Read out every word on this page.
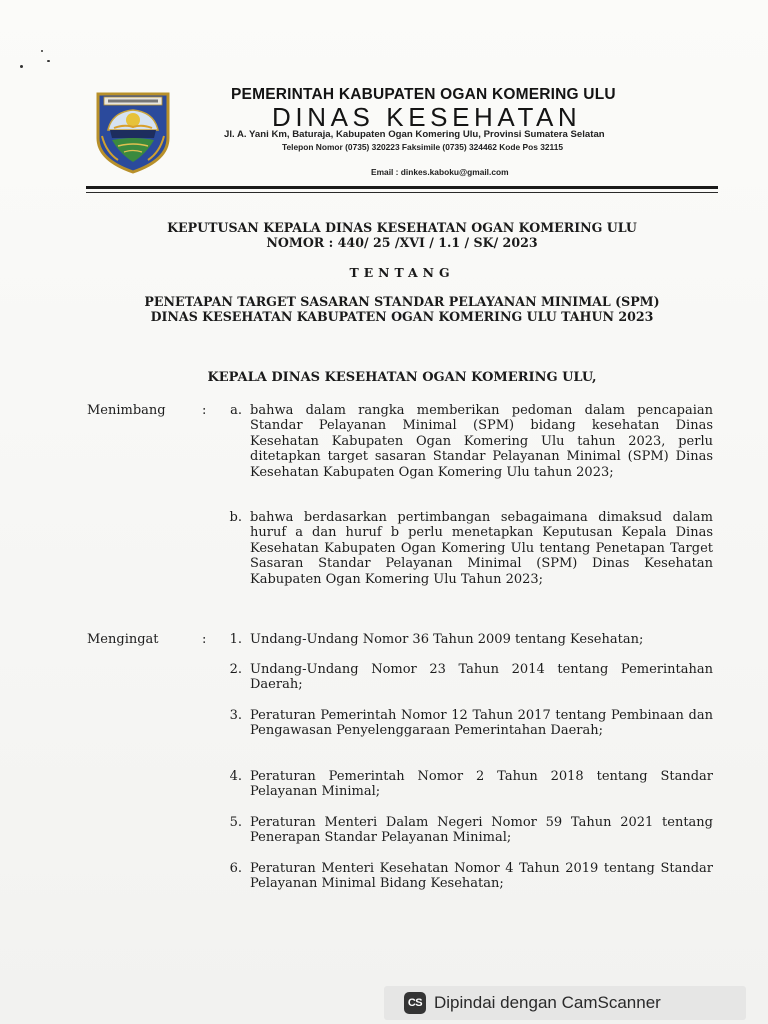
PEMERINTAH KABUPATEN OGAN KOMERING ULU
DINAS KESEHATAN
Jl. A. Yani Km, Baturaja, Kabupaten Ogan Komering Ulu, Provinsi Sumatera Selatan
Telepon Nomor (0735) 320223 Faksimile (0735) 324462 Kode Pos 32115
Email : dinkes.kaboku@gmail.com
KEPUTUSAN KEPALA DINAS KESEHATAN OGAN KOMERING ULU
NOMOR : 440/ 25 /XVI / 1.1 / SK/ 2023
TENTANG
PENETAPAN TARGET SASARAN STANDAR PELAYANAN MINIMAL (SPM)
DINAS KESEHATAN KABUPATEN OGAN KOMERING ULU TAHUN 2023
KEPALA DINAS KESEHATAN OGAN KOMERING ULU,
Menimbang	:	a. bahwa dalam rangka memberikan pedoman dalam pencapaian Standar Pelayanan Minimal (SPM) bidang kesehatan Dinas Kesehatan Kabupaten Ogan Komering Ulu tahun 2023, perlu ditetapkan target sasaran Standar Pelayanan Minimal (SPM) Dinas Kesehatan Kabupaten Ogan Komering Ulu tahun 2023;
b. bahwa berdasarkan pertimbangan sebagaimana dimaksud dalam huruf a dan huruf b perlu menetapkan Keputusan Kepala Dinas Kesehatan Kabupaten Ogan Komering Ulu tentang Penetapan Target Sasaran Standar Pelayanan Minimal (SPM) Dinas Kesehatan Kabupaten Ogan Komering Ulu Tahun 2023;
Mengingat	:	1. Undang-Undang Nomor 36 Tahun 2009 tentang Kesehatan;
2. Undang-Undang Nomor 23 Tahun 2014 tentang Pemerintahan Daerah;
3. Peraturan Pemerintah Nomor 12 Tahun 2017 tentang Pembinaan dan Pengawasan Penyelenggaraan Pemerintahan Daerah;
4. Peraturan Pemerintah Nomor 2 Tahun 2018 tentang Standar Pelayanan Minimal;
5. Peraturan Menteri Dalam Negeri Nomor 59 Tahun 2021 tentang Penerapan Standar Pelayanan Minimal;
6. Peraturan Menteri Kesehatan Nomor 4 Tahun 2019 tentang Standar Pelayanan Minimal Bidang Kesehatan;
CS Dipindai dengan CamScanner
